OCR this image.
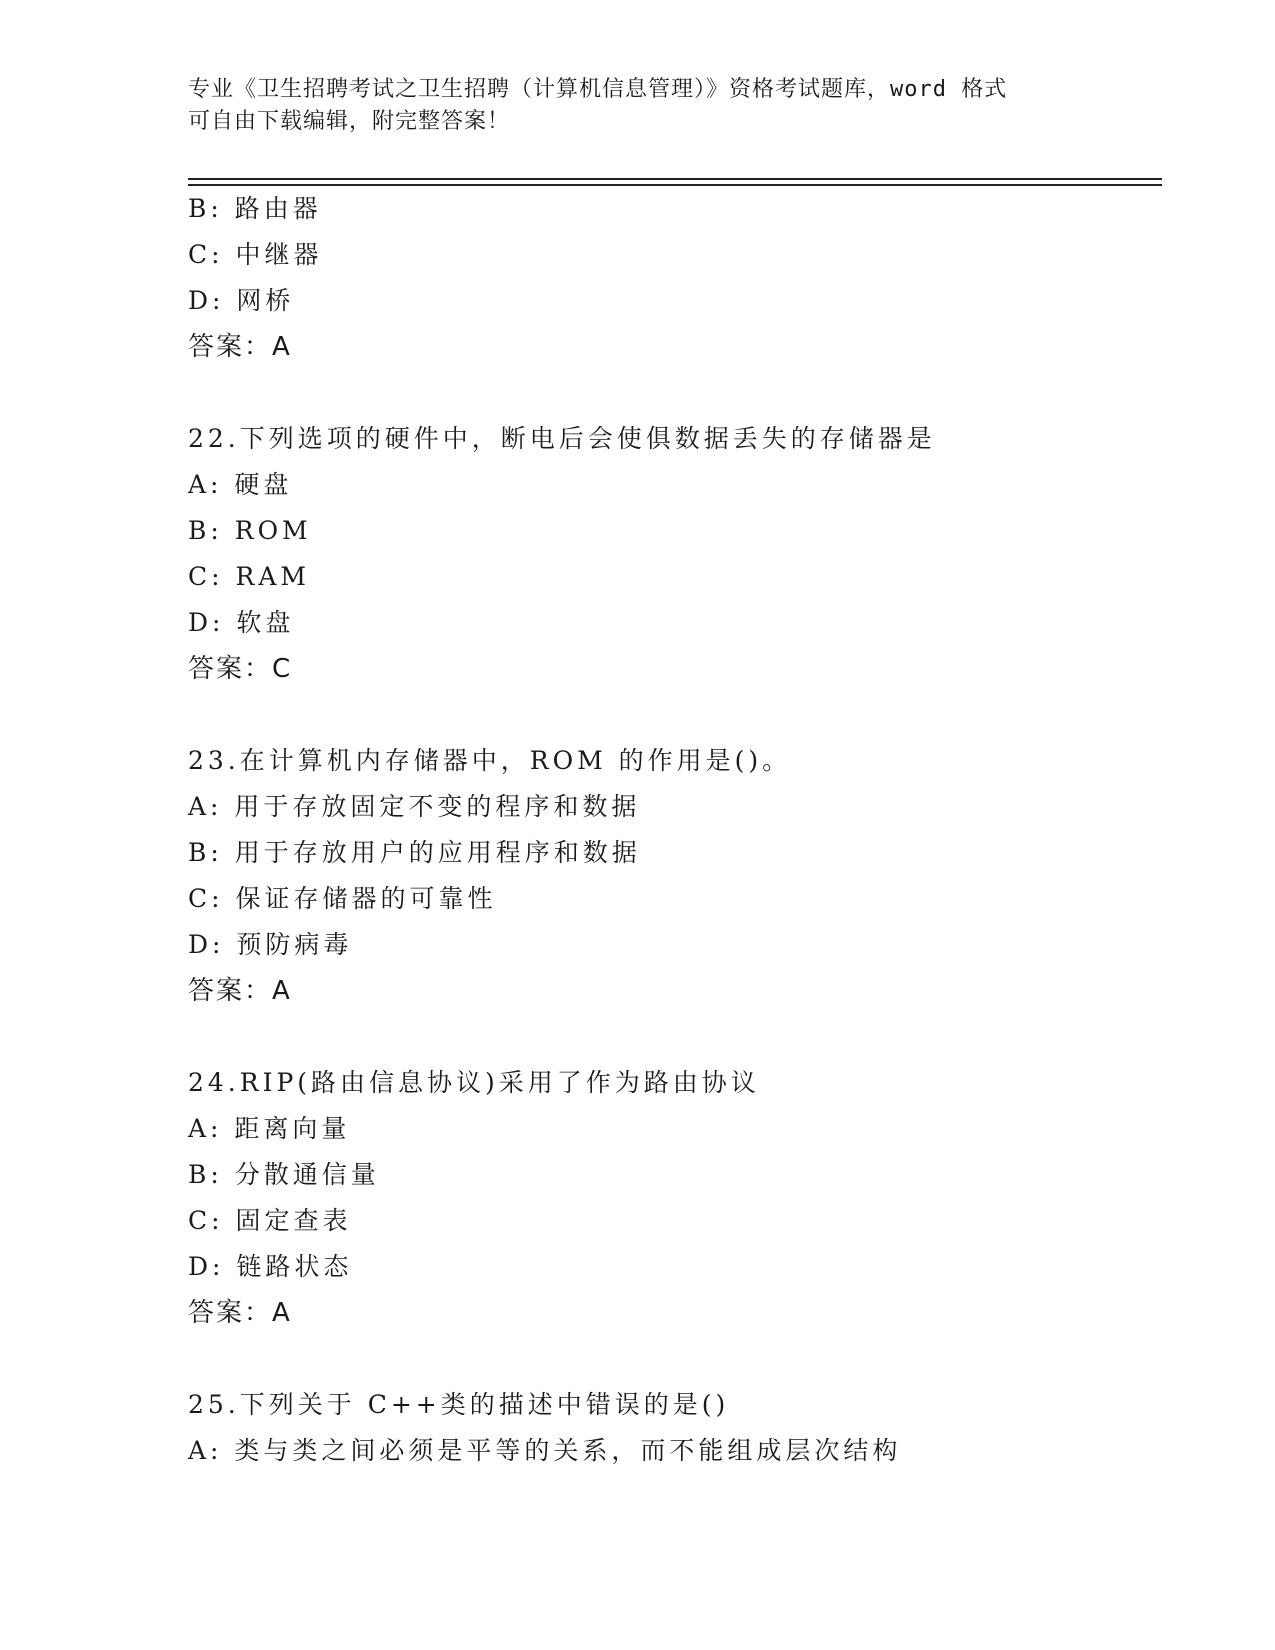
专业《卫生招聘考试之卫生招聘（计算机信息管理）》资格考试题库，word 格式
可自由下载编辑，附完整答案！
B: 路由器
C: 中继器
D: 网桥
答案：A
22.下列选项的硬件中，断电后会使俱数据丢失的存储器是
A: 硬盘
B: ROM
C: RAM
D: 软盘
答案：C
23.在计算机内存储器中，ROM 的作用是()。
A: 用于存放固定不变的程序和数据
B: 用于存放用户的应用程序和数据
C: 保证存储器的可靠性
D: 预防病毒
答案：A
24.RIP(路由信息协议)采用了作为路由协议
A: 距离向量
B: 分散通信量
C: 固定查表
D: 链路状态
答案：A
25.下列关于 C++类的描述中错误的是()
A: 类与类之间必须是平等的关系，而不能组成层次结构
